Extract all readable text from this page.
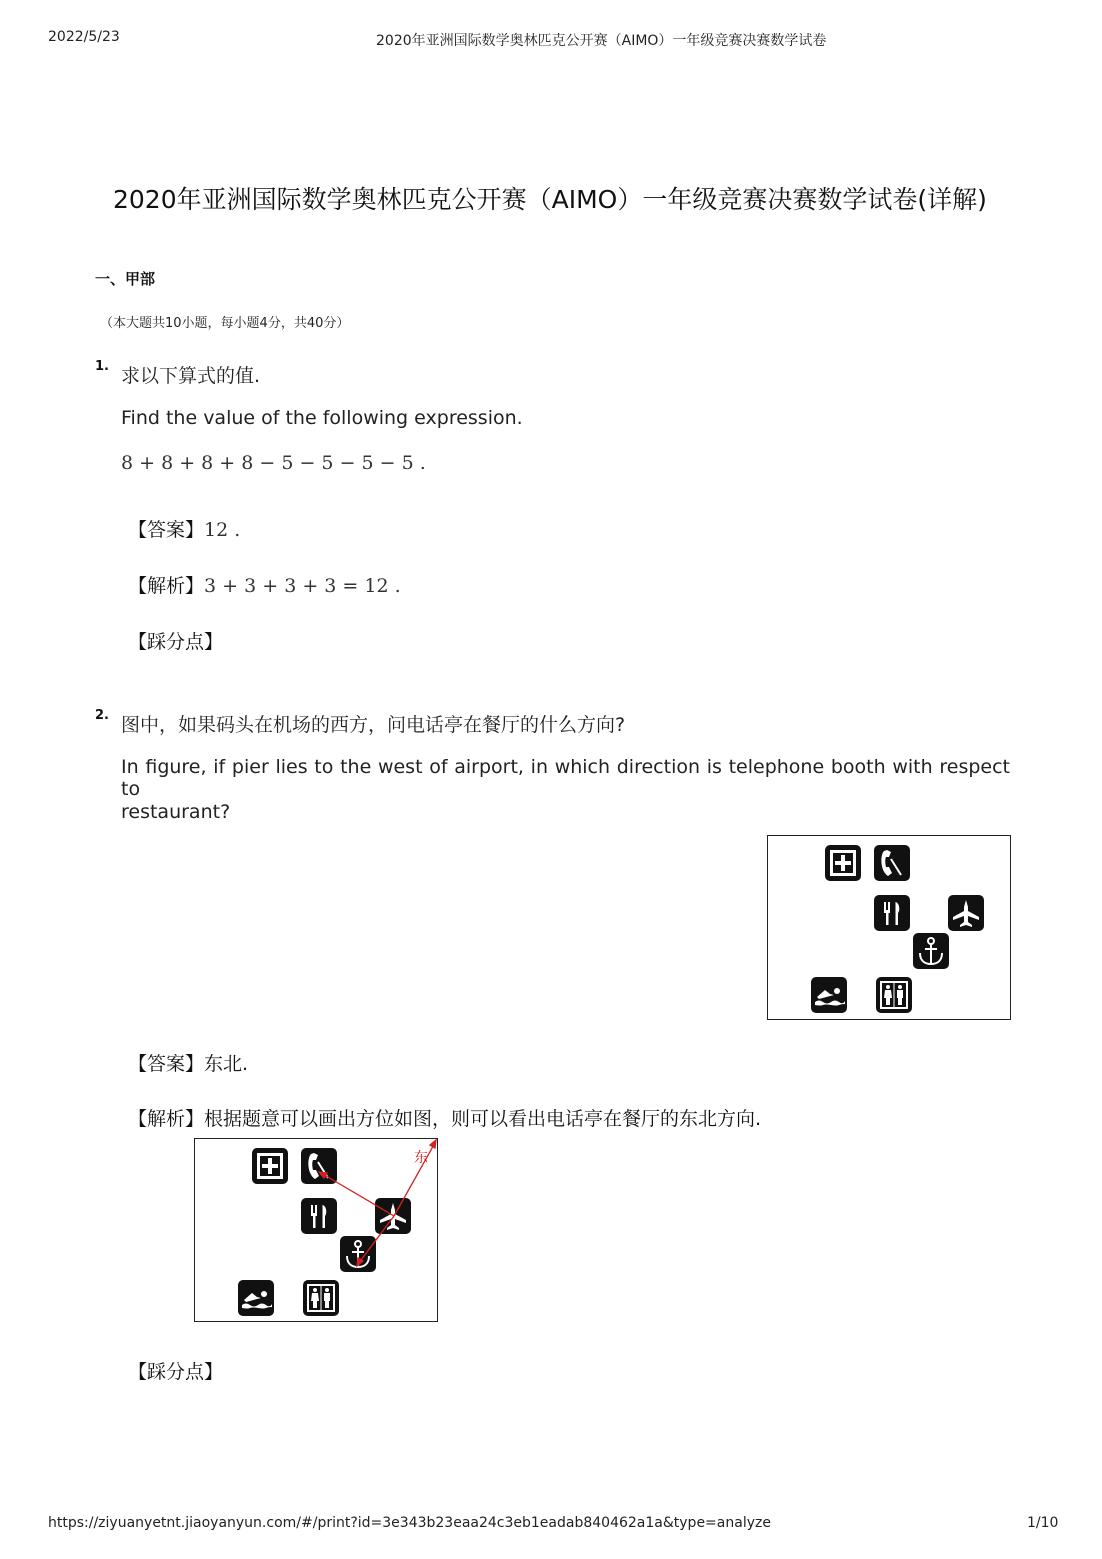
2022/5/23	2020年亚洲国际数学奥林匹克公开赛（AIMO）一年级竞赛决赛数学试卷
2020年亚洲国际数学奥林匹克公开赛（AIMO）一年级竞赛决赛数学试卷(详解)
一、甲部
（本大题共10小题，每小题4分，共40分）
1. 求以下算式的值.
Find the value of the following expression.
8 + 8 + 8 + 8 − 5 − 5 − 5 − 5 .
【答案】12 .
【解析】3 + 3 + 3 + 3 = 12 .
【踩分点】
2. 图中，如果码头在机场的西方，问电话亭在餐厅的什么方向?
In figure, if pier lies to the west of airport, in which direction is telephone booth with respect to
restaurant?
【答案】东北.
【解析】根据题意可以画出方位如图，则可以看出电话亭在餐厅的东北方向.
东
【踩分点】
https://ziyuanyetnt.jiaoyanyun.com/#/print?id=3e343b23eaa24c3eb1eadab840462a1a&type=analyze	1/10
